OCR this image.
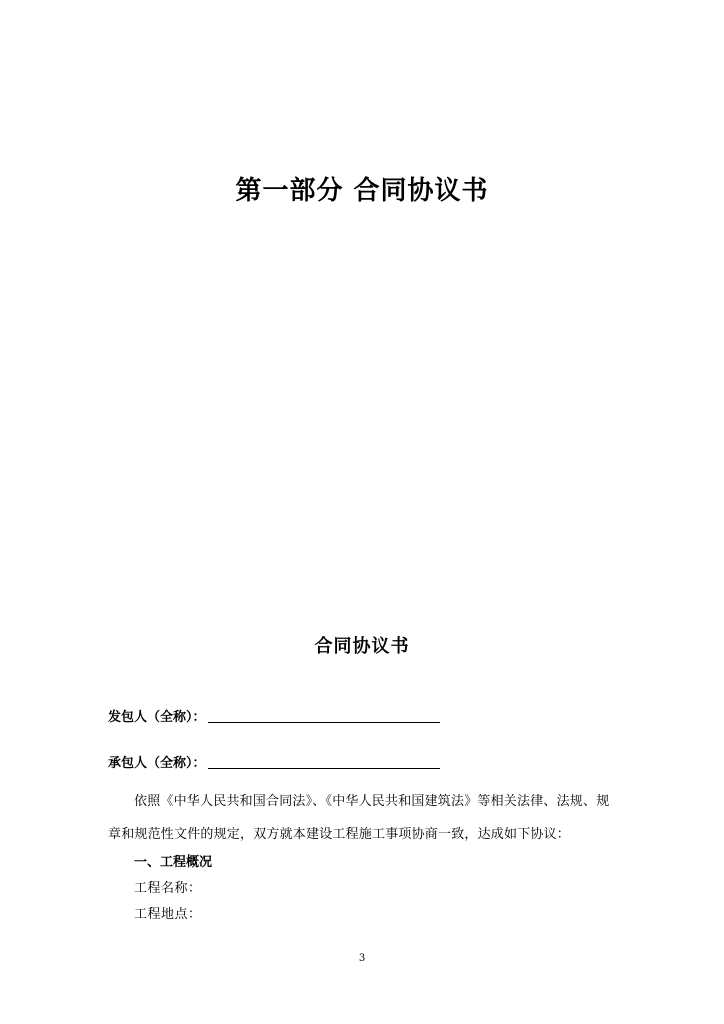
第一部分 合同协议书
合同协议书
发包人（全称）：
承包人（全称）：
依照《中华人民共和国合同法》、《中华人民共和国建筑法》等相关法律、法规、规章和规范性文件的规定，双方就本建设工程施工事项协商一致，达成如下协议：
一、工程概况
工程名称：
工程地点：
3
